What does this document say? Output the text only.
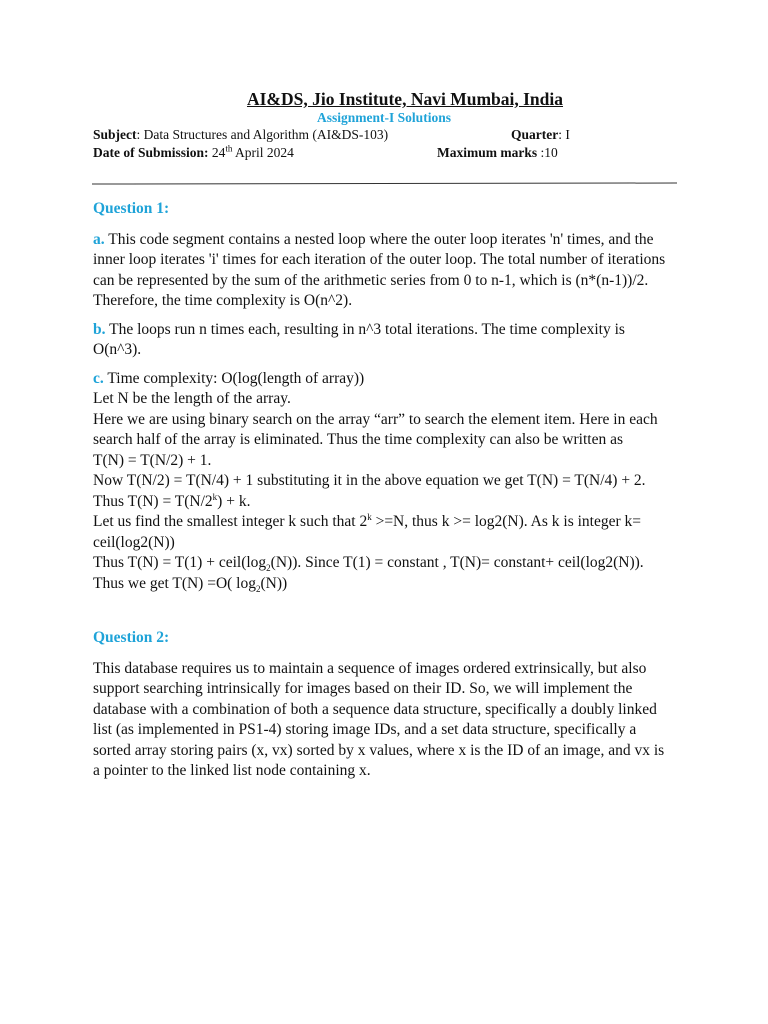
AI&DS, Jio Institute, Navi Mumbai, India
Assignment-I Solutions
Subject: Data Structures and Algorithm (AI&DS-103)	Quarter: I
Date of Submission: 24th April 2024	Maximum marks :10
Question 1:

a. This code segment contains a nested loop where the outer loop iterates 'n' times, and the inner loop iterates 'i' times for each iteration of the outer loop. The total number of iterations can be represented by the sum of the arithmetic series from 0 to n-1, which is (n*(n-1))/2. Therefore, the time complexity is O(n^2).

b. The loops run n times each, resulting in n^3 total iterations. The time complexity is O(n^3).

c. Time complexity: O(log(length of array))
Let N be the length of the array.
Here we are using binary search on the array “arr” to search the element item. Here in each search half of the array is eliminated. Thus the time complexity can also be written as
T(N) = T(N/2) + 1.
Now T(N/2) = T(N/4) + 1 substituting it in the above equation we get T(N) = T(N/4) + 2.
Thus $T(N) = T(N/2^k) + k$.
Let us find the smallest integer k such that $2^k >=N$, thus k >= log2(N). As k is integer k= ceil(log2(N))
Thus $T(N) = T(1) + ceil(\log_2(N))$. Since T(1) = constant , T(N)= constant+ ceil(log2(N)).
Thus we get T(N) =O( $\log_2(N)$)
Question 2:

This database requires us to maintain a sequence of images ordered extrinsically, but also support searching intrinsically for images based on their ID. So, we will implement the database with a combination of both a sequence data structure, specifically a doubly linked list (as implemented in PS1-4) storing image IDs, and a set data structure, specifically a sorted array storing pairs (x, vx) sorted by x values, where x is the ID of an image, and vx is a pointer to the linked list node containing x.
